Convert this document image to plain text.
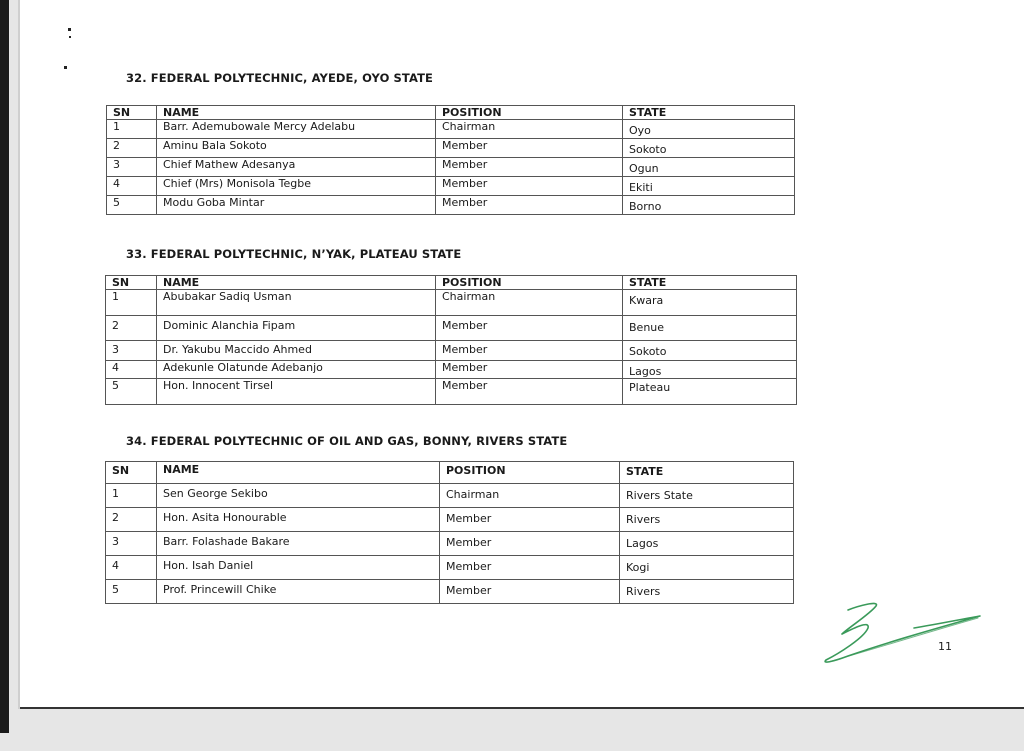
32. FEDERAL POLYTECHNIC, AYEDE, OYO STATE
SN	NAME	POSITION	STATE
1	Barr. Ademubowale Mercy Adelabu	Chairman	Oyo
2	Aminu Bala Sokoto	Member	Sokoto
3	Chief Mathew Adesanya	Member	Ogun
4	Chief (Mrs) Monisola Tegbe	Member	Ekiti
5	Modu Goba Mintar	Member	Borno
33. FEDERAL POLYTECHNIC, N’YAK, PLATEAU STATE
SN	NAME	POSITION	STATE
1	Abubakar Sadiq Usman	Chairman	Kwara
2	Dominic Alanchia Fipam	Member	Benue
3	Dr. Yakubu Maccido Ahmed	Member	Sokoto
4	Adekunle Olatunde Adebanjo	Member	Lagos
5	Hon. Innocent Tirsel	Member	Plateau
34. FEDERAL POLYTECHNIC OF OIL AND GAS, BONNY, RIVERS STATE
SN	NAME	POSITION	STATE
1	Sen George Sekibo	Chairman	Rivers State
2	Hon. Asita Honourable	Member	Rivers
3	Barr. Folashade Bakare	Member	Lagos
4	Hon. Isah Daniel	Member	Kogi
5	Prof. Princewill Chike	Member	Rivers
11
